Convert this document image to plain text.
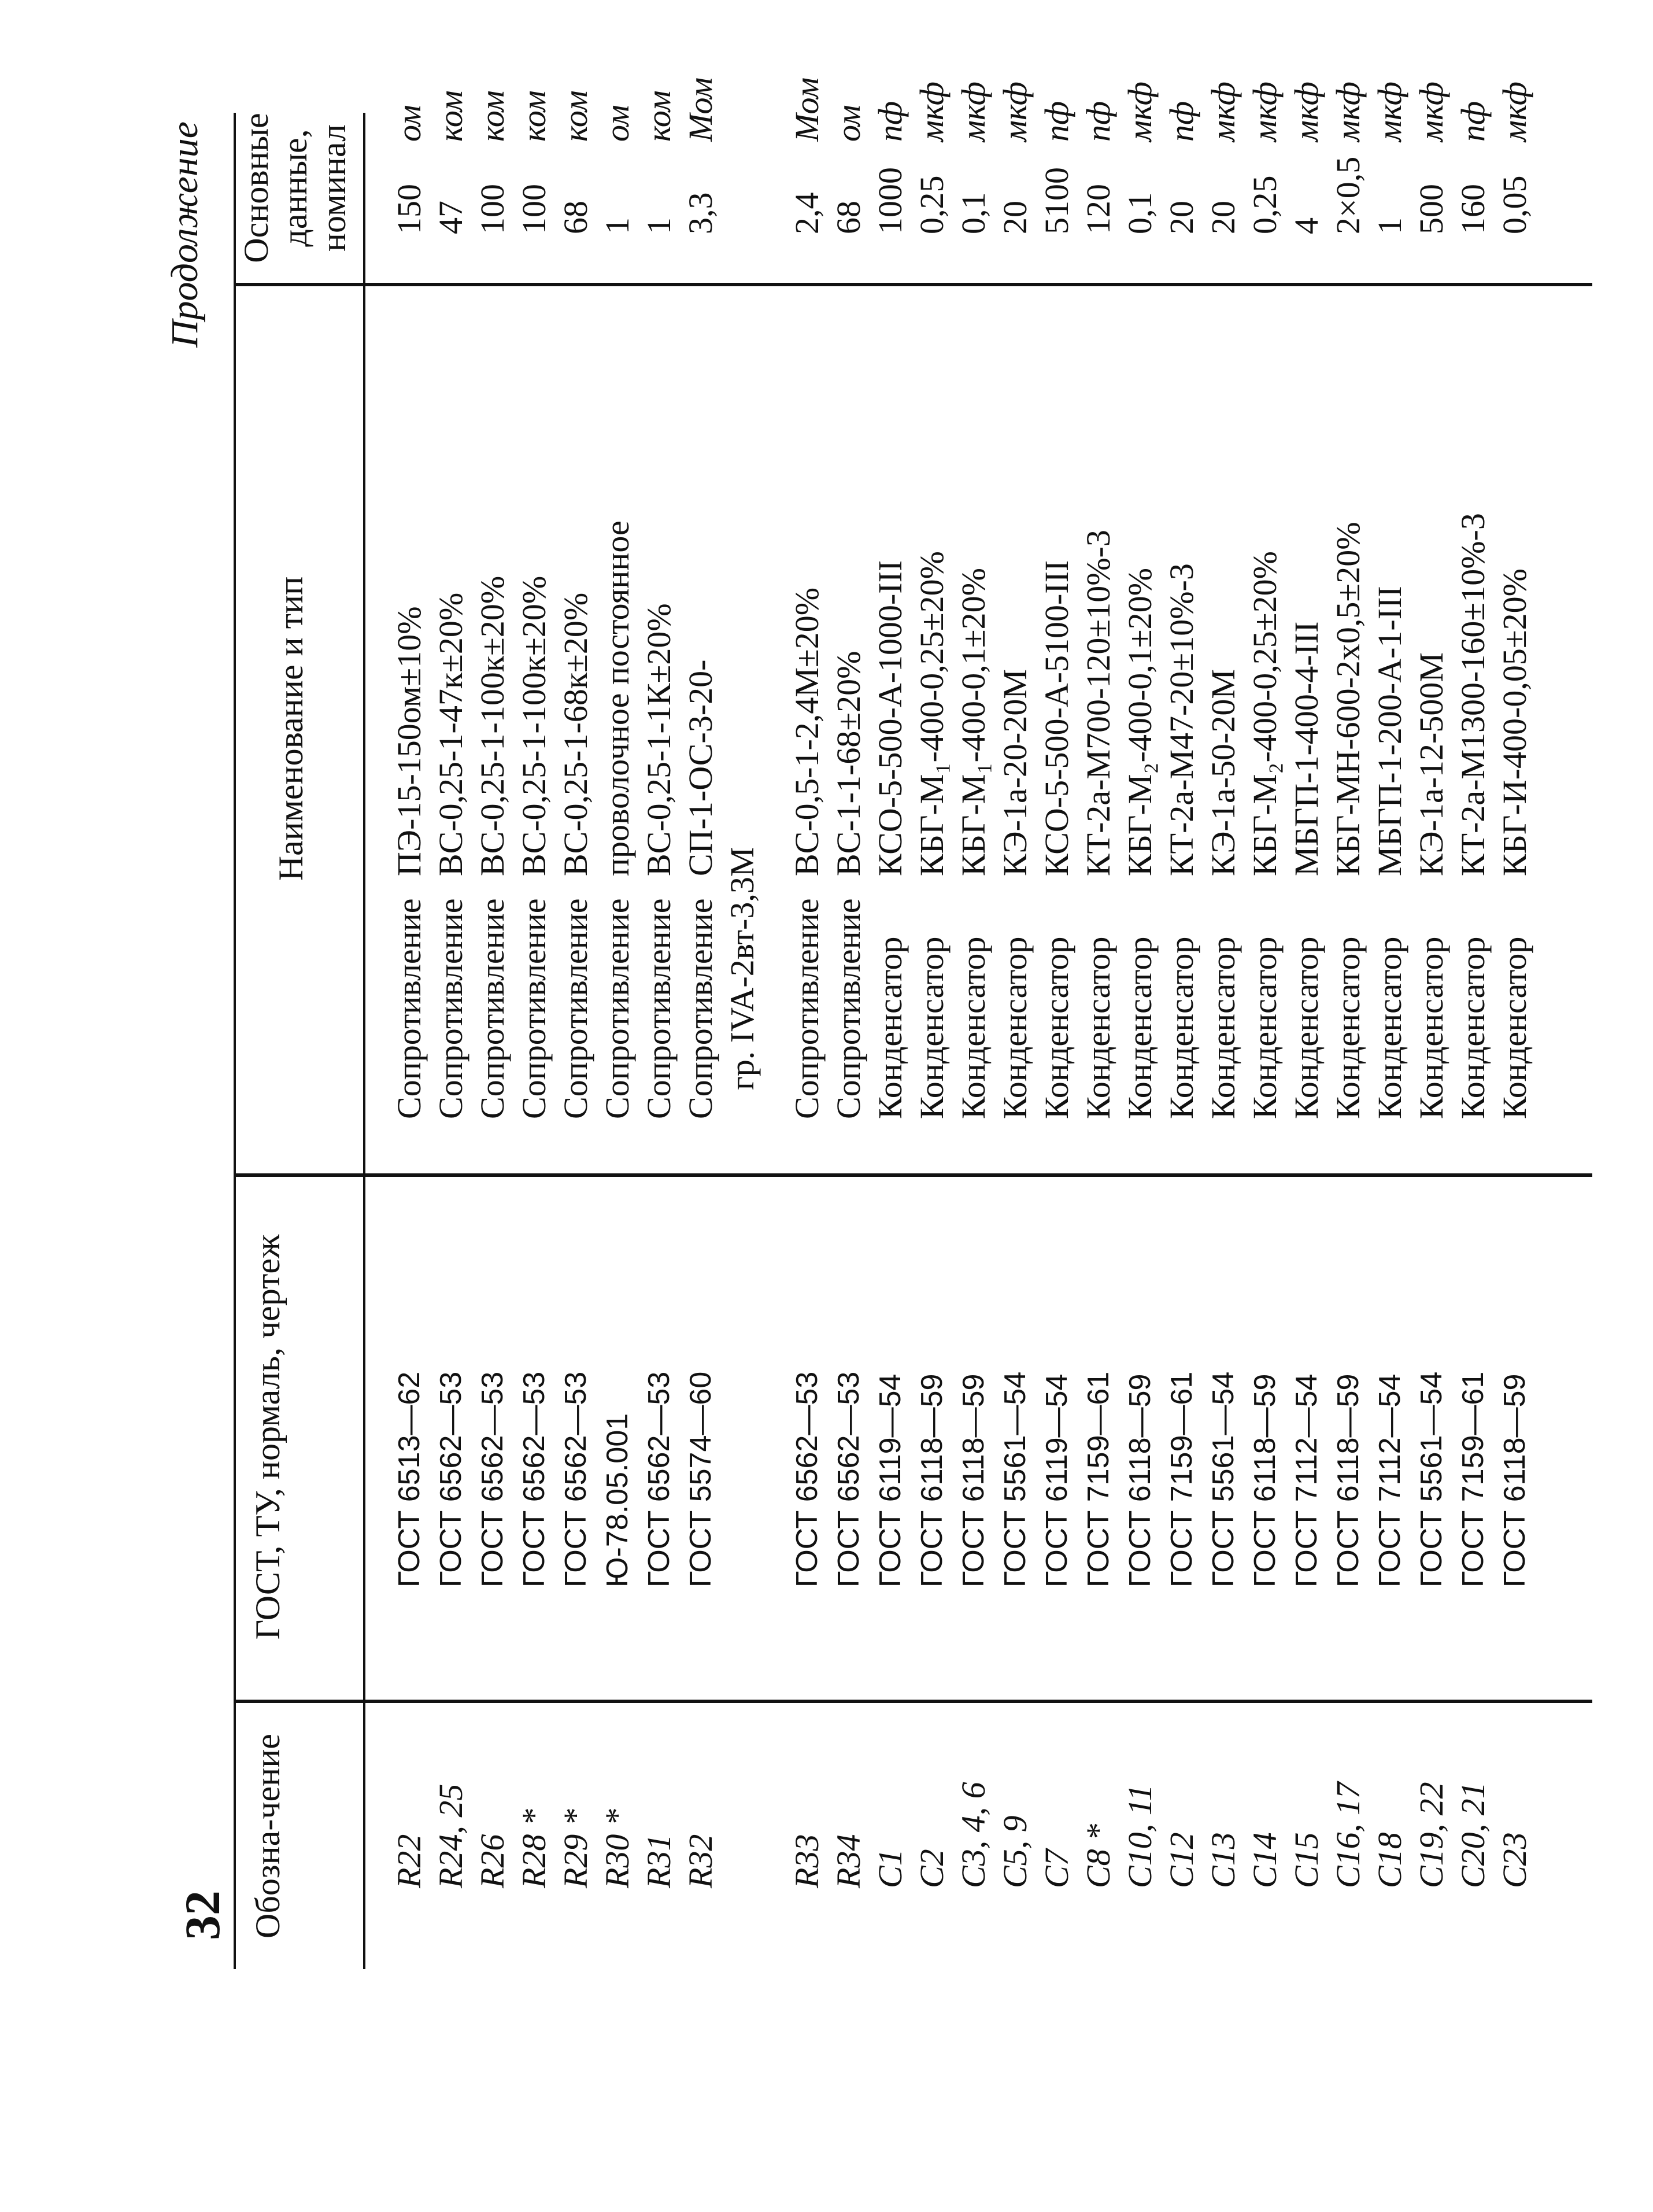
32
Продолжение
Обозна-чение
ГОСТ, ТУ, нормаль, чертеж
Наименование и тип
Основные данные, номинал
R22
ГОСТ 6513—62
СопротивлениеПЭ-15-150ом±10%
150ом
R24, 25
ГОСТ 6562—53
СопротивлениеВС-0,25-1-47к±20%
47ком
R26
ГОСТ 6562—53
СопротивлениеВС-0,25-1-100к±20%
100ком
R28 *
ГОСТ 6562—53
СопротивлениеВС-0,25-1-100к±20%
100ком
R29 *
ГОСТ 6562—53
СопротивлениеВС-0,25-1-68к±20%
68ком
R30 *
Ю-78.05.001
Сопротивлениепроволочное постоянное
1ом
R31
ГОСТ 6562—53
СопротивлениеВС-0,25-1-1К±20%
1ком
R32
ГОСТ 5574—60
СопротивлениеСП-1-ОС-3-20-
3,3Мом
гр. IVA-2вт-3,3М
R33
ГОСТ 6562—53
СопротивлениеВС-0,5-1-2,4М±20%
2,4Мом
R34
ГОСТ 6562—53
СопротивлениеВС-1-1-68±20%
68ом
C1
ГОСТ 6119—54
КонденсаторКСО-5-500-А-1000-III
1000пф
C2
ГОСТ 6118—59
КонденсаторКБГ-М₁-400-0,25±20%
0,25мкф
C3, 4, 6
ГОСТ 6118—59
КонденсаторКБГ-М₁-400-0,1±20%
0,1мкф
C5, 9
ГОСТ 5561—54
КонденсаторКЭ-1а-20-20М
20мкф
C7
ГОСТ 6119—54
КонденсаторКСО-5-500-А-5100-III
5100пф
C8 *
ГОСТ 7159—61
КонденсаторКТ-2а-М700-120±10%-3
120пф
C10, 11
ГОСТ 6118—59
КонденсаторКБГ-М₂-400-0,1±20%
0,1мкф
C12
ГОСТ 7159—61
КонденсаторКТ-2а-М47-20±10%-3
20пф
C13
ГОСТ 5561—54
КонденсаторКЭ-1а-50-20М
20мкф
C14
ГОСТ 6118—59
КонденсаторКБГ-М₂-400-0,25±20%
0,25мкф
C15
ГОСТ 7112—54
КонденсаторМБГП-1-400-4-III
4мкф
C16, 17
ГОСТ 6118—59
КонденсаторКБГ-МН-600-2х0,5±20%
2×0,5мкф
C18
ГОСТ 7112—54
КонденсаторМБГП-1-200-А-1-III
1мкф
C19, 22
ГОСТ 5561—54
КонденсаторКЭ-1а-12-500М
500мкф
C20, 21
ГОСТ 7159—61
КонденсаторКТ-2а-М1300-160±10%-3
160пф
C23
ГОСТ 6118—59
КонденсаторКБГ-И-400-0,05±20%
0,05мкф
